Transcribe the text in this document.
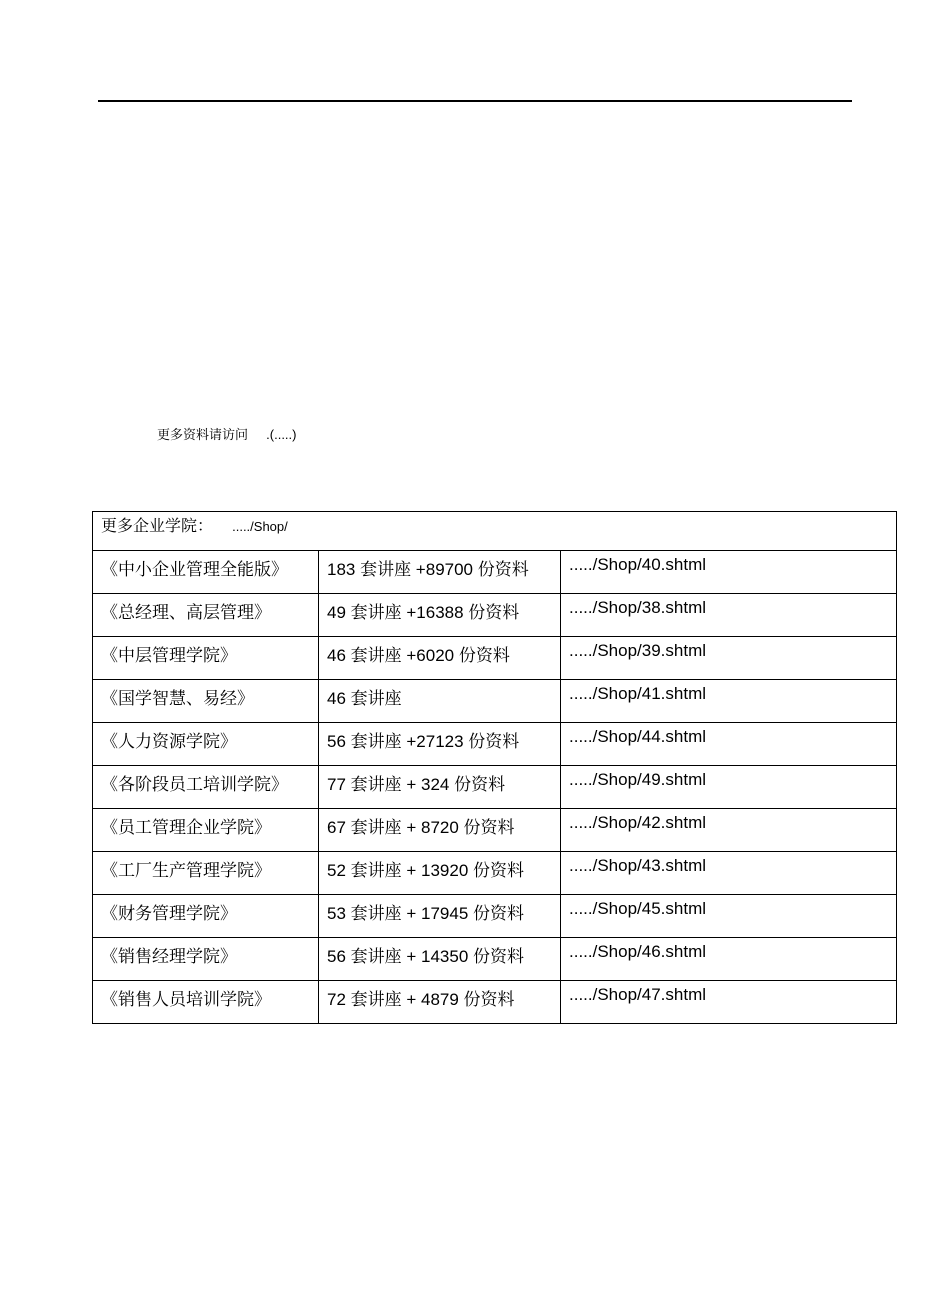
更多资料请访问 .(.....)
更多企业学院： ...../Shop/		
《中小企业管理全能版》	183 套讲座 +89700 份资料	...../Shop/40.shtml
《总经理、高层管理》	49 套讲座 +16388 份资料	...../Shop/38.shtml
《中层管理学院》	46 套讲座 +6020 份资料	...../Shop/39.shtml
《国学智慧、易经》	46 套讲座	...../Shop/41.shtml
《人力资源学院》	56 套讲座 +27123 份资料	...../Shop/44.shtml
《各阶段员工培训学院》	77 套讲座 + 324 份资料	...../Shop/49.shtml
《员工管理企业学院》	67 套讲座 + 8720 份资料	...../Shop/42.shtml
《工厂生产管理学院》	52 套讲座 + 13920 份资料	...../Shop/43.shtml
《财务管理学院》	53 套讲座 + 17945 份资料	...../Shop/45.shtml
《销售经理学院》	56 套讲座 + 14350 份资料	...../Shop/46.shtml
《销售人员培训学院》	72 套讲座 + 4879 份资料	...../Shop/47.shtml
